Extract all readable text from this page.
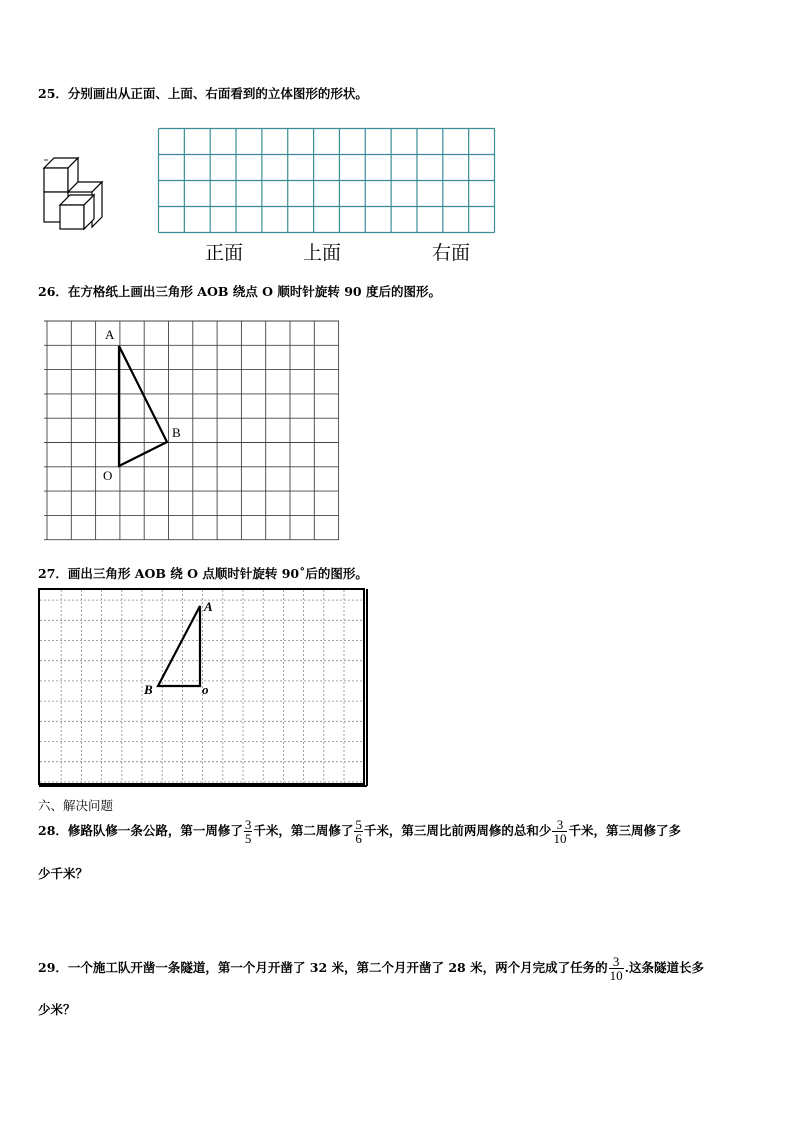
25．分别画出从正面、上面、右面看到的立体图形的形状。
正面	上面	右面
26．在方格纸上画出三角形 AOB 绕点 O 顺时针旋转 90 度后的图形。
A
B
O
27．画出三角形 AOB 绕 O 点顺时针旋转 90˚后的图形。
A
B	o
六、解决问题
28．修路队修一条公路，第一周修了 $\frac{3}{5}$ 千米，第二周修了 $\frac{5}{6}$ 千米，第三周比前两周修的总和少 $\frac{3}{10}$ 千米，第三周修了多
少千米？
29．一个施工队开凿一条隧道，第一个月开凿了 32 米，第二个月开凿了 28 米，两个月完成了任务的 $\frac{3}{10}$ .这条隧道长多
少米？
